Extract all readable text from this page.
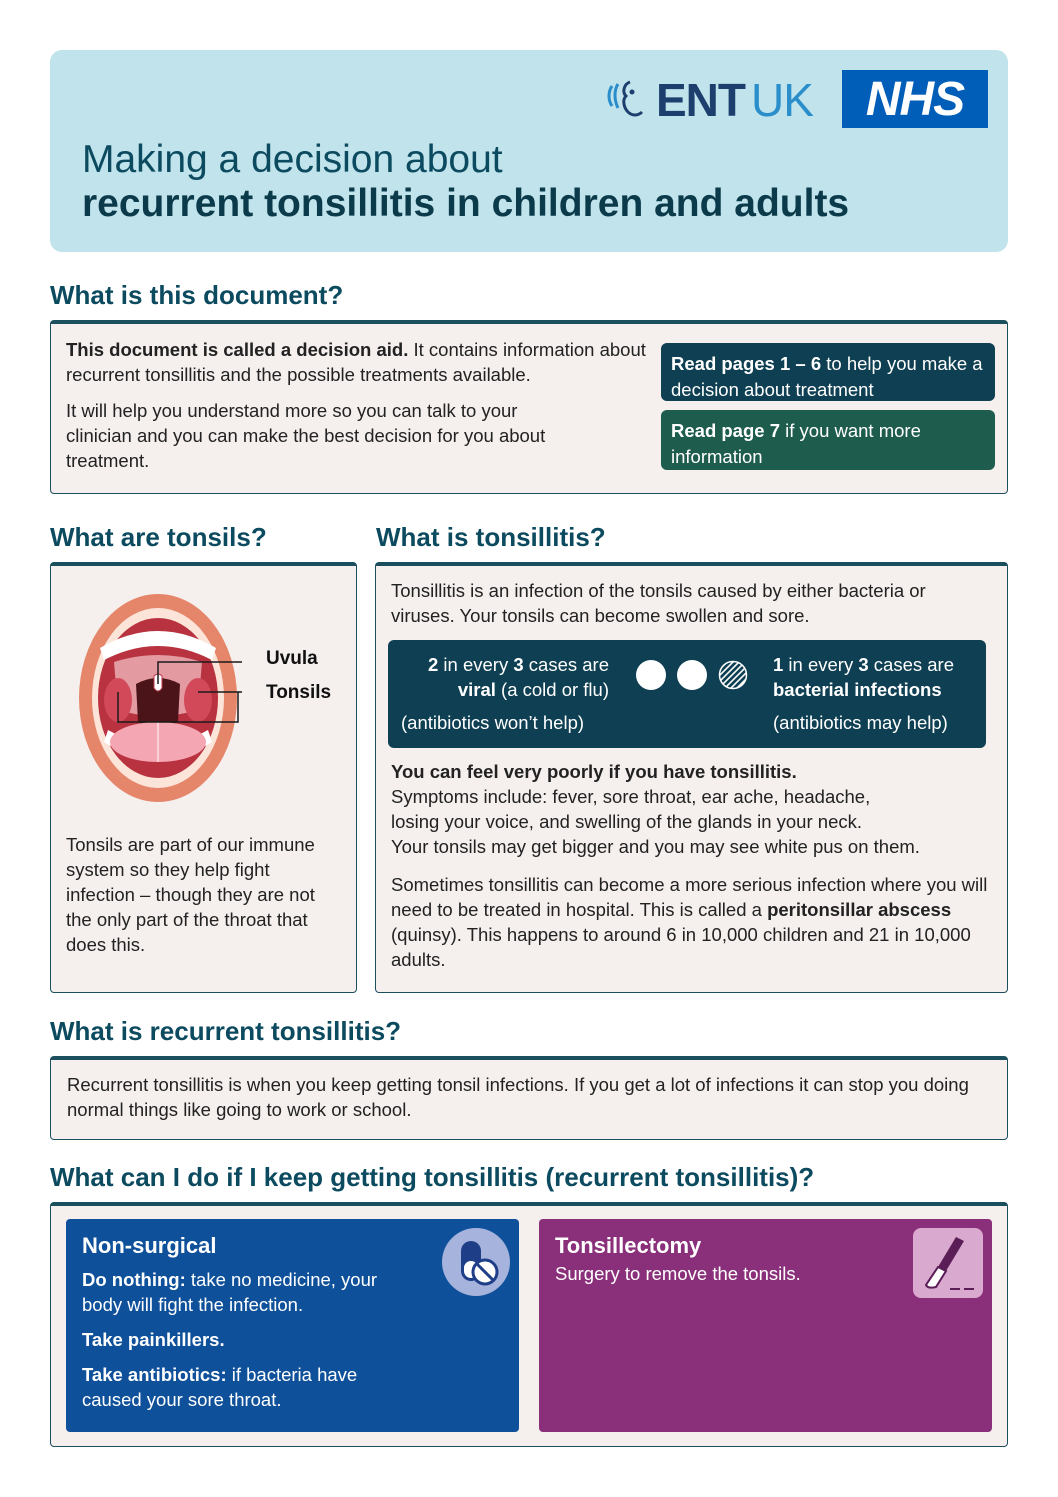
ENT UK	NHS
Making a decision about
recurrent tonsillitis in children and adults
What is this document?
This document is called a decision aid. It contains information about recurrent tonsillitis and the possible treatments available.
It will help you understand more so you can talk to your clinician and you can make the best decision for you about treatment.
Read pages 1 – 6 to help you make a decision about treatment
Read page 7 if you want more information
What are tonsils?
Uvula
Tonsils
Tonsils are part of our immune system so they help fight infection – though they are not the only part of the throat that does this.
What is tonsillitis?
Tonsillitis is an infection of the tonsils caused by either bacteria or viruses. Your tonsils can become swollen and sore.
2 in every 3 cases are
viral (a cold or flu)
(antibiotics won’t help)
1 in every 3 cases are
bacterial infections
(antibiotics may help)
You can feel very poorly if you have tonsillitis.
Symptoms include: fever, sore throat, ear ache, headache,
losing your voice, and swelling of the glands in your neck.
Your tonsils may get bigger and you may see white pus on them.
Sometimes tonsillitis can become a more serious infection where you will need to be treated in hospital. This is called a peritonsillar abscess (quinsy). This happens to around 6 in 10,000 children and 21 in 10,000 adults.
What is recurrent tonsillitis?
Recurrent tonsillitis is when you keep getting tonsil infections. If you get a lot of infections it can stop you doing normal things like going to work or school.
What can I do if I keep getting tonsillitis (recurrent tonsillitis)?
Non-surgical
Do nothing: take no medicine, your body will fight the infection.
Take painkillers.
Take antibiotics: if bacteria have caused your sore throat.
Tonsillectomy
Surgery to remove the tonsils.
